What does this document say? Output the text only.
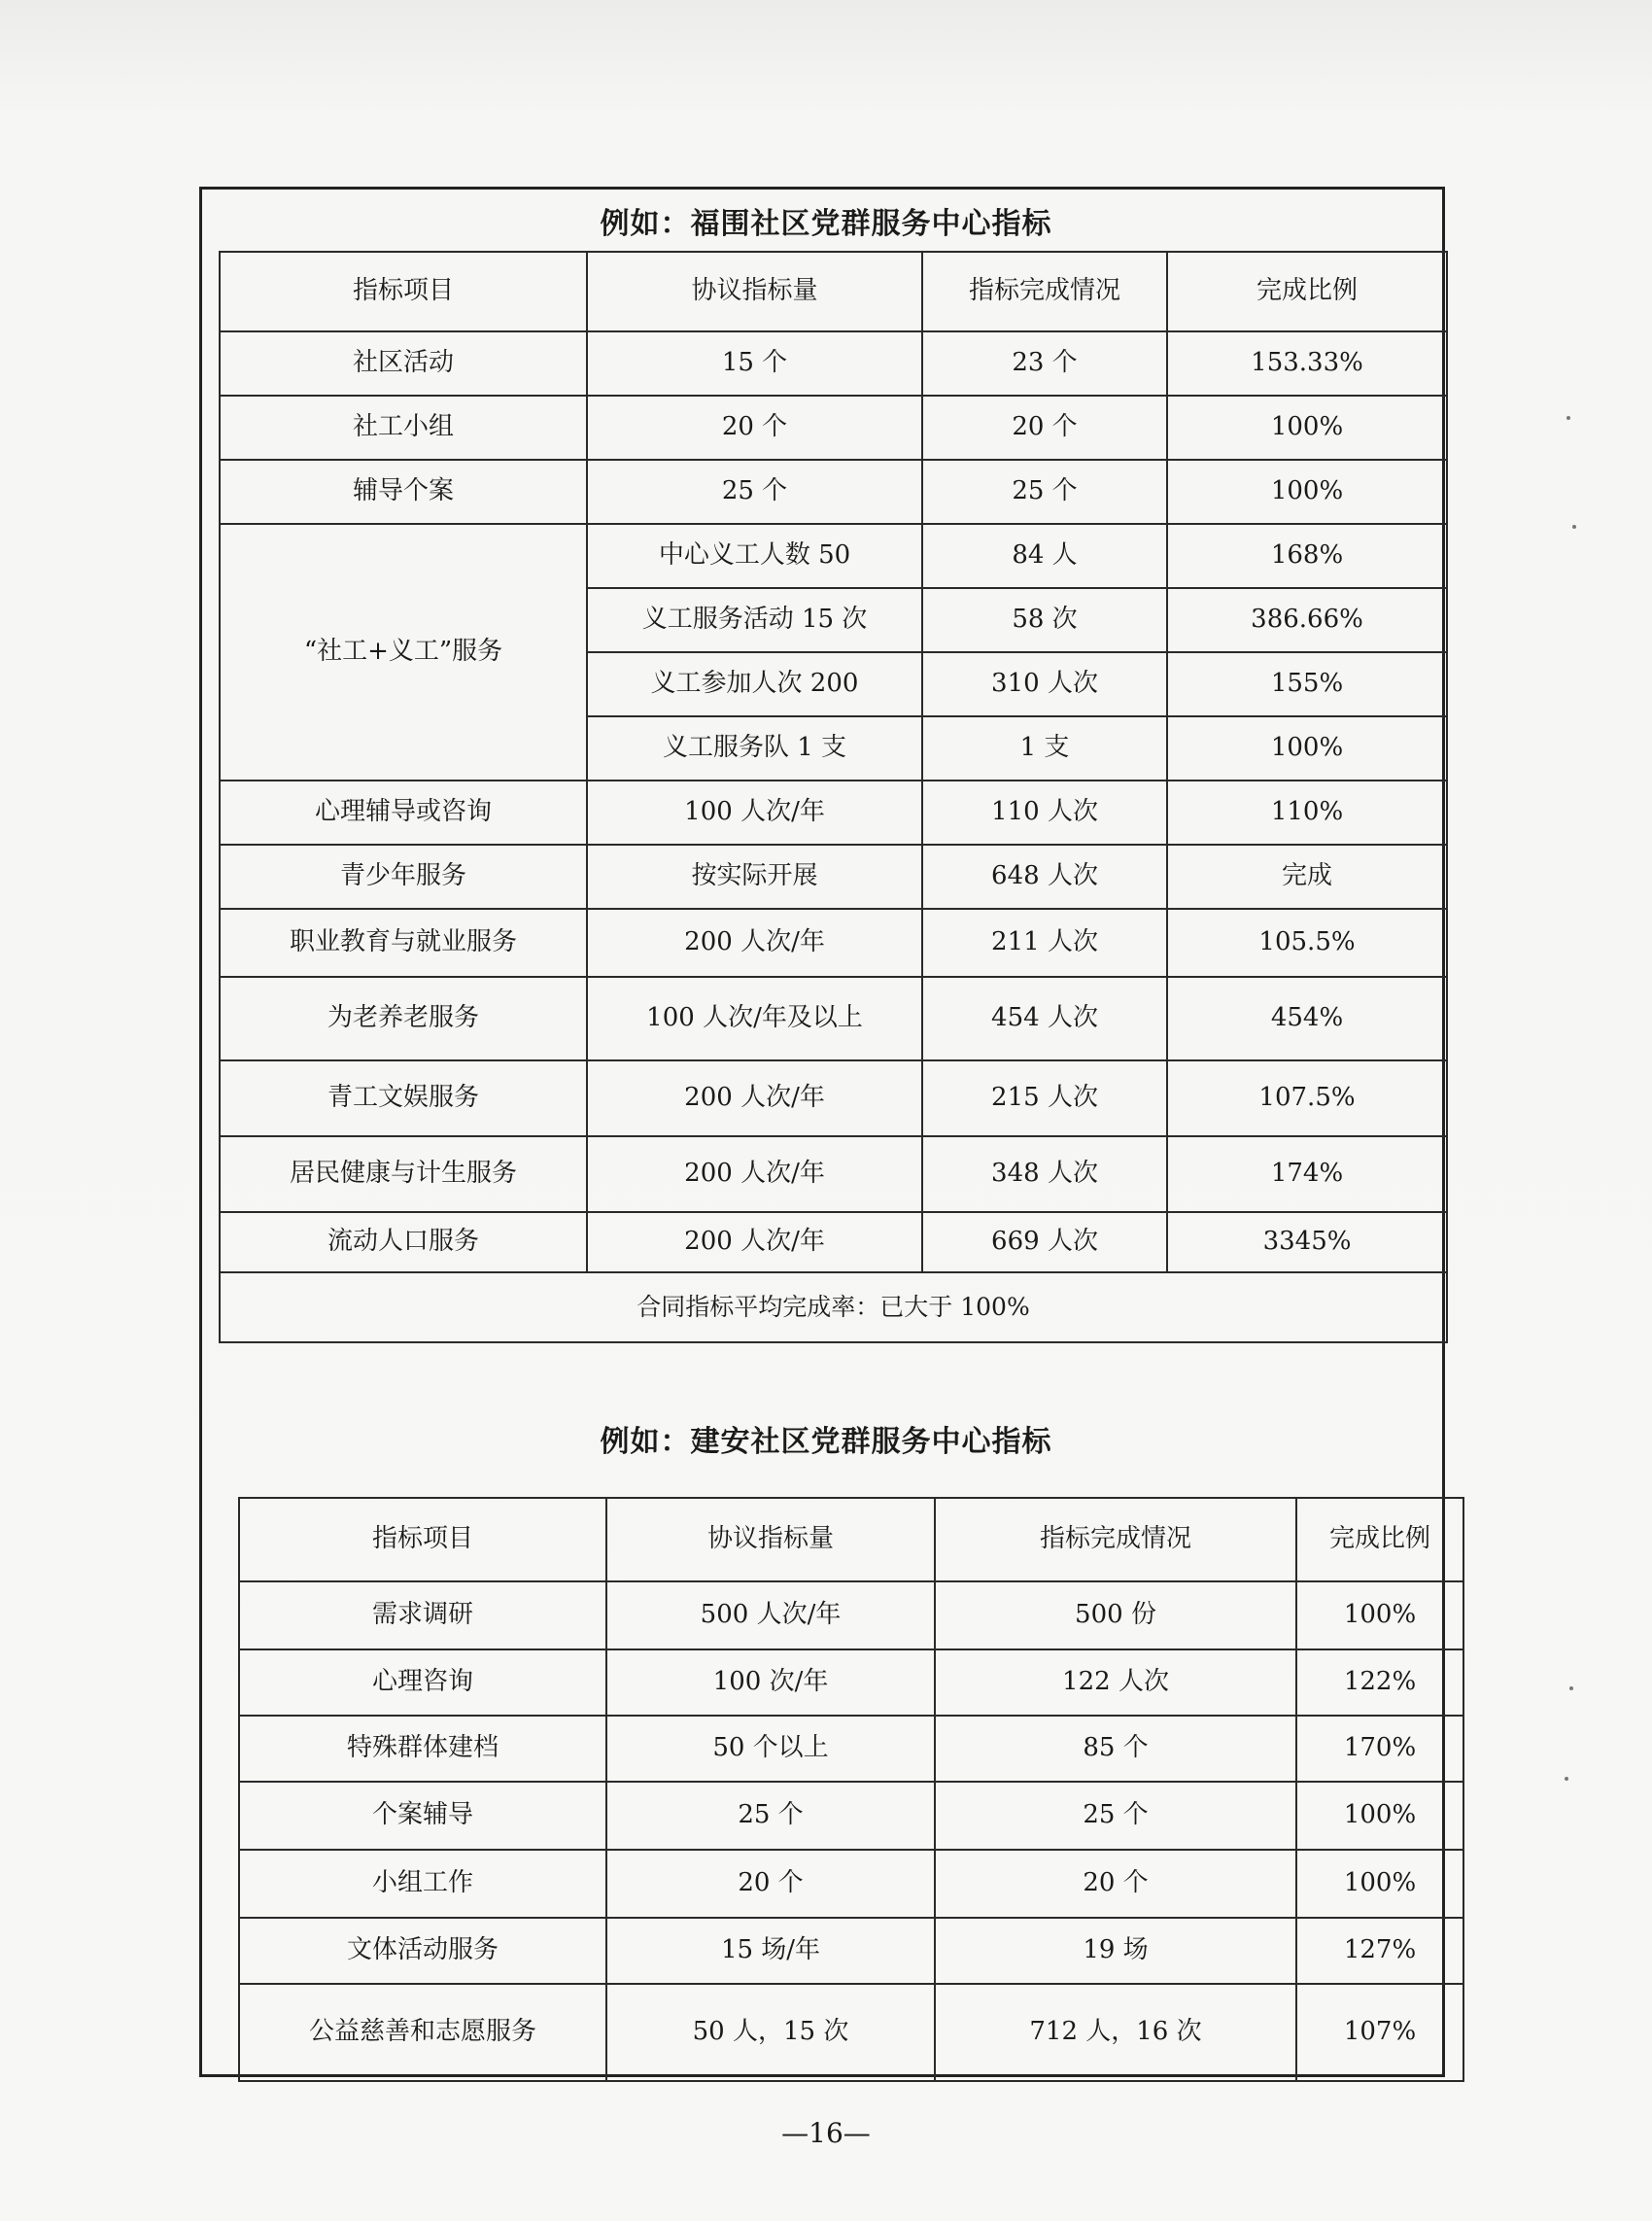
例如：福围社区党群服务中心指标
指标项目	协议指标量	指标完成情况	完成比例
社区活动	15 个	23 个	153.33%
社工小组	20 个	20 个	100%
辅导个案	25 个	25 个	100%
“社工+义工”服务	中心义工人数 50	84 人	168%
	义工服务活动 15 次	58 次	386.66%
	义工参加人次 200	310 人次	155%
	义工服务队 1 支	1 支	100%
心理辅导或咨询	100 人次/年	110 人次	110%
青少年服务	按实际开展	648 人次	完成
职业教育与就业服务	200 人次/年	211 人次	105.5%
为老养老服务	100 人次/年及以上	454 人次	454%
青工文娱服务	200 人次/年	215 人次	107.5%
居民健康与计生服务	200 人次/年	348 人次	174%
流动人口服务	200 人次/年	669 人次	3345%
合同指标平均完成率：已大于 100%			
例如：建安社区党群服务中心指标
指标项目	协议指标量	指标完成情况	完成比例
需求调研	500 人次/年	500 份	100%
心理咨询	100 次/年	122 人次	122%
特殊群体建档	50 个以上	85 个	170%
个案辅导	25 个	25 个	100%
小组工作	20 个	20 个	100%
文体活动服务	15 场/年	19 场	127%
公益慈善和志愿服务	50 人，15 次	712 人，16 次	107%
—16—
